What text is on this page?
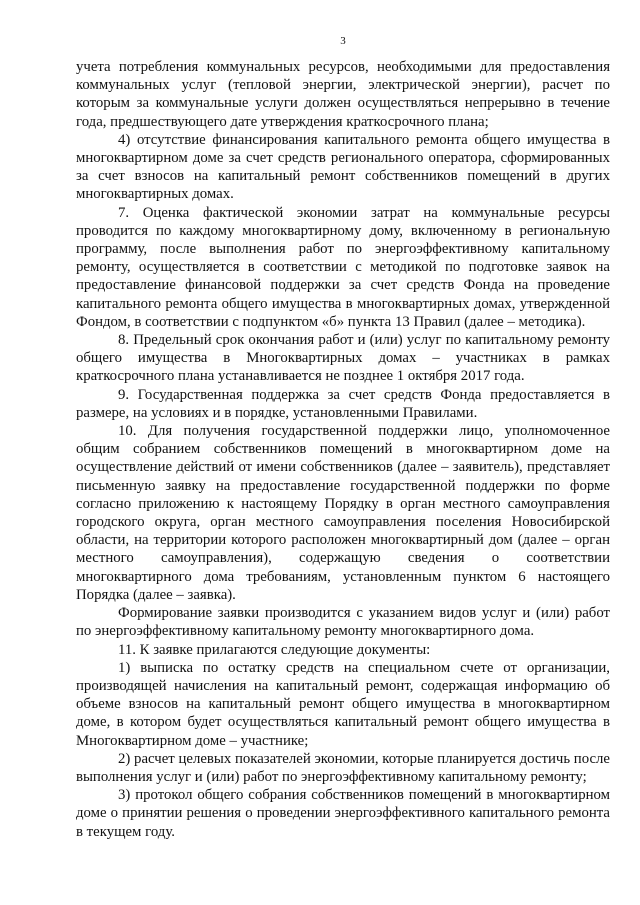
3

учета потребления коммунальных ресурсов, необходимыми для предоставления коммунальных услуг (тепловой энергии, электрической энергии), расчет по которым за коммунальные услуги должен осуществляться непрерывно в течение года, предшествующего дате утверждения краткосрочного плана;

4) отсутствие финансирования капитального ремонта общего имущества в многоквартирном доме за счет средств регионального оператора, сформированных за счет взносов на капитальный ремонт собственников помещений в других многоквартирных домах.

7. Оценка фактической экономии затрат на коммунальные ресурсы проводится по каждому многоквартирному дому, включенному в региональную программу, после выполнения работ по энергоэффективному капитальному ремонту, осуществляется в соответствии с методикой по подготовке заявок на предоставление финансовой поддержки за счет средств Фонда на проведение капитального ремонта общего имущества в многоквартирных домах, утвержденной Фондом, в соответствии с подпунктом «б» пункта 13 Правил (далее – методика).

8. Предельный срок окончания работ и (или) услуг по капитальному ремонту общего имущества в Многоквартирных домах – участниках в рамках краткосрочного плана устанавливается не позднее 1 октября 2017 года.

9. Государственная поддержка за счет средств Фонда предоставляется в размере, на условиях и в порядке, установленными Правилами.

10. Для получения государственной поддержки лицо, уполномоченное общим собранием собственников помещений в многоквартирном доме на осуществление действий от имени собственников (далее – заявитель), представляет письменную заявку на предоставление государственной поддержки по форме согласно приложению к настоящему Порядку в орган местного самоуправления городского округа, орган местного самоуправления поселения Новосибирской области, на территории которого расположен многоквартирный дом (далее – орган местного самоуправления), содержащую сведения о соответствии многоквартирного дома требованиям, установленным пунктом 6 настоящего Порядка (далее – заявка).

Формирование заявки производится с указанием видов услуг и (или) работ по энергоэффективному капитальному ремонту многоквартирного дома.

11. К заявке прилагаются следующие документы:

1) выписка по остатку средств на специальном счете от организации, производящей начисления на капитальный ремонт, содержащая информацию об объеме взносов на капитальный ремонт общего имущества в многоквартирном доме, в котором будет осуществляться капитальный ремонт общего имущества в Многоквартирном доме – участнике;

2) расчет целевых показателей экономии, которые планируется достичь после выполнения услуг и (или) работ по энергоэффективному капитальному ремонту;

3) протокол общего собрания собственников помещений в многоквартирном доме о принятии решения о проведении энергоэффективного капитального ремонта в текущем году.
